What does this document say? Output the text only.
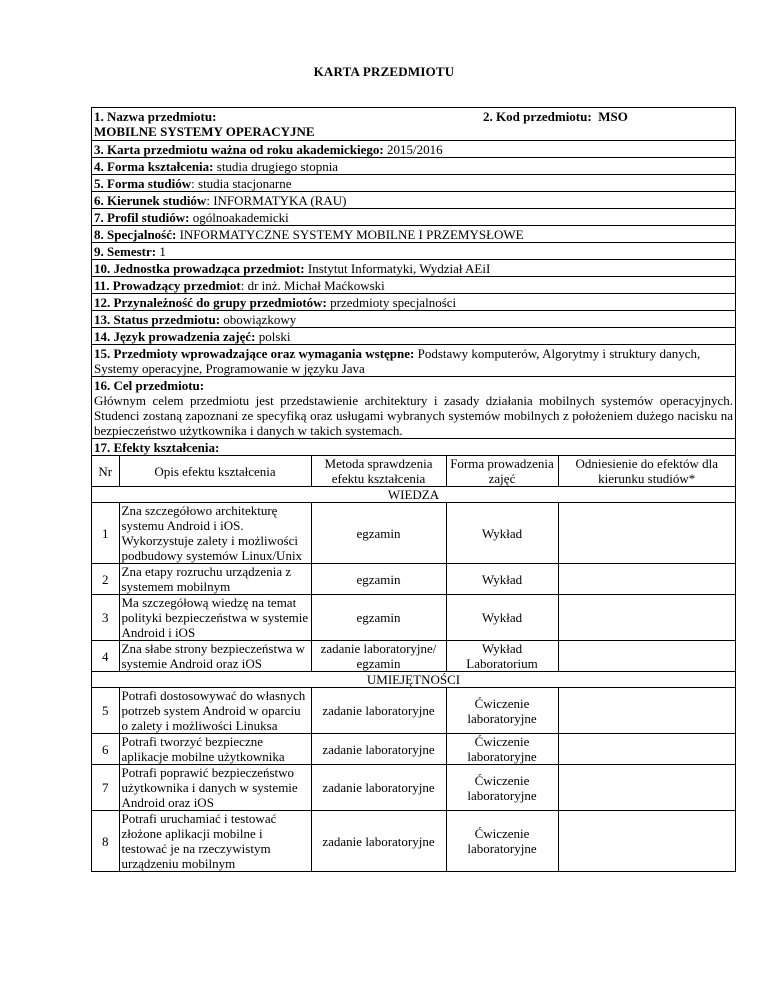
KARTA PRZEDMIOTU
1. Nazwa przedmiotu:
MOBILNE SYSTEMY OPERACYJNE
2. Kod przedmiotu: MSO
3. Karta przedmiotu ważna od roku akademickiego: 2015/2016
4. Forma kształcenia: studia drugiego stopnia
5. Forma studiów: studia stacjonarne
6. Kierunek studiów: INFORMATYKA (RAU)
7. Profil studiów: ogólnoakademicki
8. Specjalność: INFORMATYCZNE SYSTEMY MOBILNE I PRZEMYSŁOWE
9. Semestr: 1
10. Jednostka prowadząca przedmiot: Instytut Informatyki, Wydział AEiI
11. Prowadzący przedmiot: dr inż. Michał Maćkowski
12. Przynależność do grupy przedmiotów: przedmioty specjalności
13. Status przedmiotu: obowiązkowy
14. Język prowadzenia zajęć: polski
15. Przedmioty wprowadzające oraz wymagania wstępne: Podstawy komputerów, Algorytmy i struktury danych, Systemy operacyjne, Programowanie w języku Java
16. Cel przedmiotu:
Głównym celem przedmiotu jest przedstawienie architektury i zasady działania mobilnych systemów operacyjnych. Studenci zostaną zapoznani ze specyfiką oraz usługami wybranych systemów mobilnych z położeniem dużego nacisku na bezpieczeństwo użytkownika i danych w takich systemach.
17. Efekty kształcenia:
Nr	Opis efektu kształcenia	Metoda sprawdzenia efektu kształcenia	Forma prowadzenia zajęć	Odniesienie do efektów dla kierunku studiów*
WIEDZA				
1	Zna szczegółowo architekturę systemu Android i iOS. Wykorzystuje zalety i możliwości podbudowy systemów Linux/Unix	egzamin	Wykład	
2	Zna etapy rozruchu urządzenia z systemem mobilnym	egzamin	Wykład	
3	Ma szczegółową wiedzę na temat polityki bezpieczeństwa w systemie Android i iOS	egzamin	Wykład	
4	Zna słabe strony bezpieczeństwa w systemie Android oraz iOS	zadanie laboratoryjne/ egzamin	Wykład Laboratorium	
UMIEJĘTNOŚCI				
5	Potrafi dostosowywać do własnych potrzeb system Android w oparciu o zalety i możliwości Linuksa	zadanie laboratoryjne	Ćwiczenie laboratoryjne	
6	Potrafi tworzyć bezpieczne aplikacje mobilne użytkownika	zadanie laboratoryjne	Ćwiczenie laboratoryjne	
7	Potrafi poprawić bezpieczeństwo użytkownika i danych w systemie Android oraz iOS	zadanie laboratoryjne	Ćwiczenie laboratoryjne	
8	Potrafi uruchamiać i testować złożone aplikacji mobilne i testować je na rzeczywistym urządzeniu mobilnym	zadanie laboratoryjne	Ćwiczenie laboratoryjne	
